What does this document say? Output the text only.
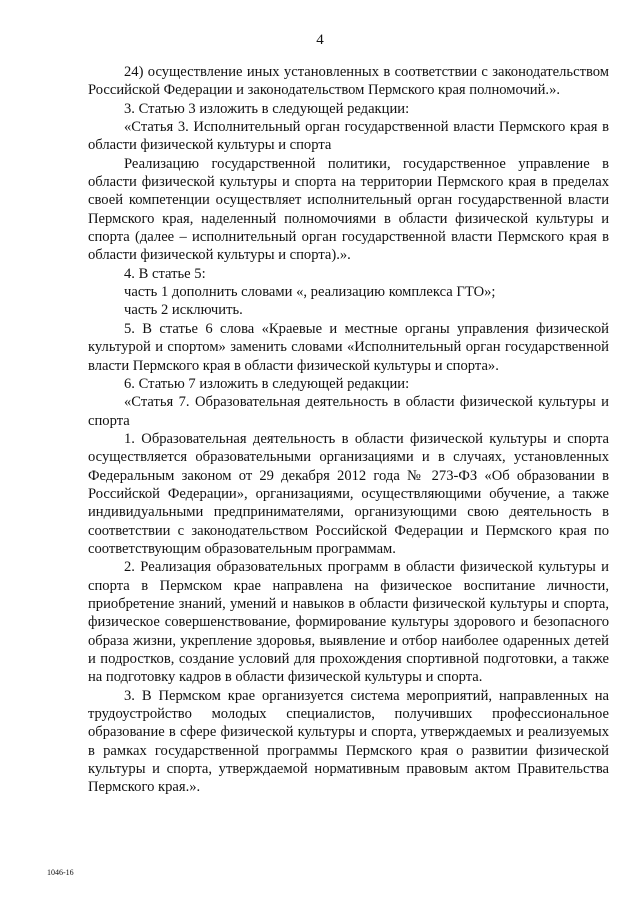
4

24) осуществление иных установленных в соответствии с законодательством Российской Федерации и законодательством Пермского края полномочий.».

3. Статью 3 изложить в следующей редакции:

«Статья 3. Исполнительный орган государственной власти Пермского края в области физической культуры и спорта

Реализацию государственной политики, государственное управление в области физической культуры и спорта на территории Пермского края в пределах своей компетенции осуществляет исполнительный орган государственной власти Пермского края, наделенный полномочиями в области физической культуры и спорта (далее – исполнительный орган государственной власти Пермского края в области физической культуры и спорта).».

4. В статье 5:

часть 1 дополнить словами «, реализацию комплекса ГТО»;

часть 2 исключить.

5. В статье 6 слова «Краевые и местные органы управления физической культурой и спортом» заменить словами «Исполнительный орган государственной власти Пермского края в области физической культуры и спорта».

6. Статью 7 изложить в следующей редакции:

«Статья 7. Образовательная деятельность в области физической культуры и спорта

1. Образовательная деятельность в области физической культуры и спорта осуществляется образовательными организациями и в случаях, установленных Федеральным законом от 29 декабря 2012 года № 273-ФЗ «Об образовании в Российской Федерации», организациями, осуществляющими обучение, а также индивидуальными предпринимателями, организующими свою деятельность в соответствии с законодательством Российской Федерации и Пермского края по соответствующим образовательным программам.

2. Реализация образовательных программ в области физической культуры и спорта в Пермском крае направлена на физическое воспитание личности, приобретение знаний, умений и навыков в области физической культуры и спорта, физическое совершенствование, формирование культуры здорового и безопасного образа жизни, укрепление здоровья, выявление и отбор наиболее одаренных детей и подростков, создание условий для прохождения спортивной подготовки, а также на подготовку кадров в области физической культуры и спорта.

3. В Пермском крае организуется система мероприятий, направленных на трудоустройство молодых специалистов, получивших профессиональное образование в сфере физической культуры и спорта, утверждаемых и реализуемых в рамках государственной программы Пермского края о развитии физической культуры и спорта, утверждаемой нормативным правовым актом Правительства Пермского края.».

1046-16
